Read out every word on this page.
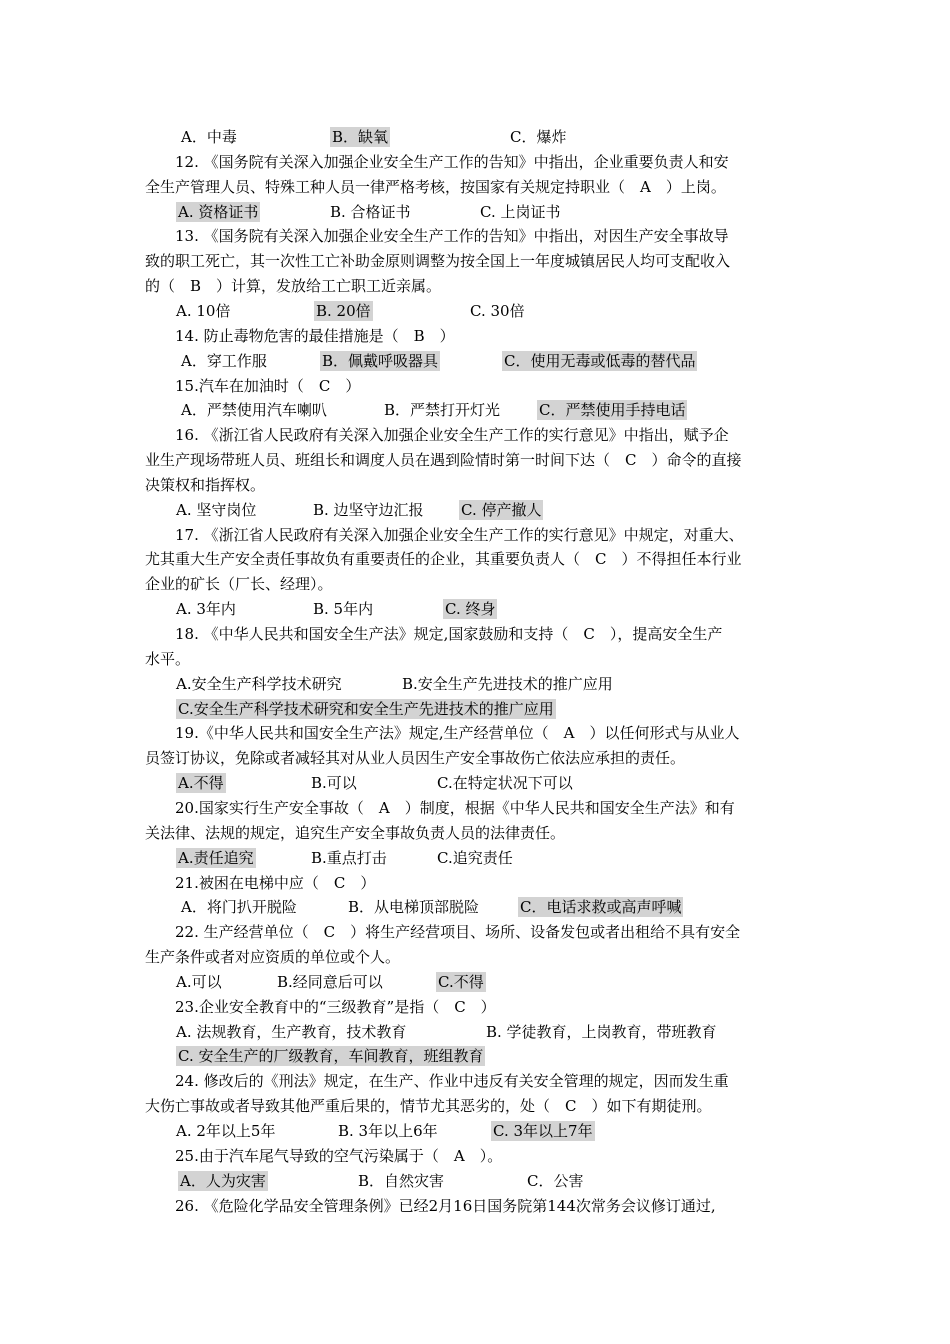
A．中毒	B．缺氧	C．爆炸
12. 《国务院有关深入加强企业安全生产工作的告知》中指出，企业重要负责人和安
全生产管理人员、特殊工种人员一律严格考核，按国家有关规定持职业（　A　）上岗。
A. 资格证书	B. 合格证书	C. 上岗证书
13. 《国务院有关深入加强企业安全生产工作的告知》中指出，对因生产安全事故导
致的职工死亡，其一次性工亡补助金原则调整为按全国上一年度城镇居民人均可支配收入
的（　B　）计算，发放给工亡职工近亲属。
A. 10倍	B. 20倍	C. 30倍
14. 防止毒物危害的最佳措施是（　B　）
A．穿工作服	B．佩戴呼吸器具	C．使用无毒或低毒的替代品
15.汽车在加油时（　C　）
A．严禁使用汽车喇叭	B．严禁打开灯光	C．严禁使用手持电话
16. 《浙江省人民政府有关深入加强企业安全生产工作的实行意见》中指出，赋予企
业生产现场带班人员、班组长和调度人员在遇到险情时第一时间下达（　C　）命令的直接
决策权和指挥权。
A. 坚守岗位	B. 边坚守边汇报 C. 停产撤人
17. 《浙江省人民政府有关深入加强企业安全生产工作的实行意见》中规定，对重大、
尤其重大生产安全责任事故负有重要责任的企业，其重要负责人（　C　）不得担任本行业
企业的矿长（厂长、经理）。
A. 3年内	B. 5年内	C. 终身
18. 《中华人民共和国安全生产法》规定,国家鼓励和支持（　C　），提高安全生产
水平。
A.安全生产科学技术研究	B.安全生产先进技术的推广应用
C.安全生产科学技术研究和安全生产先进技术的推广应用
19.《中华人民共和国安全生产法》规定,生产经营单位（　A　）以任何形式与从业人
员签订协议，免除或者减轻其对从业人员因生产安全事故伤亡依法应承担的责任。
A.不得	B.可以	C.在特定状况下可以
20.国家实行生产安全事故（　A　）制度，根据《中华人民共和国安全生产法》和有
关法律、法规的规定，追究生产安全事故负责人员的法律责任。
A.责任追究	B.重点打击	C.追究责任
21.被困在电梯中应（　C　）
A．将门扒开脱险	B．从电梯顶部脱险	C．电话求救或高声呼喊
22. 生产经营单位（　C　）将生产经营项目、场所、设备发包或者出租给不具有安全
生产条件或者对应资质的单位或个人。
A.可以	B.经同意后可以	C.不得
23.企业安全教育中的“三级教育”是指（　C　）
A. 法规教育，生产教育，技术教育	B. 学徒教育，上岗教育，带班教育
C. 安全生产的厂级教育，车间教育，班组教育
24. 修改后的《刑法》规定，在生产、作业中违反有关安全管理的规定，因而发生重
大伤亡事故或者导致其他严重后果的，情节尤其恶劣的，处（　C　）如下有期徒刑。
A. 2年以上5年	B. 3年以上6年	C. 3年以上7年
25.由于汽车尾气导致的空气污染属于（　A　）。
A．人为灾害	B．自然灾害	C．公害
26. 《危险化学品安全管理条例》已经2月16日国务院第144次常务会议修订通过,
